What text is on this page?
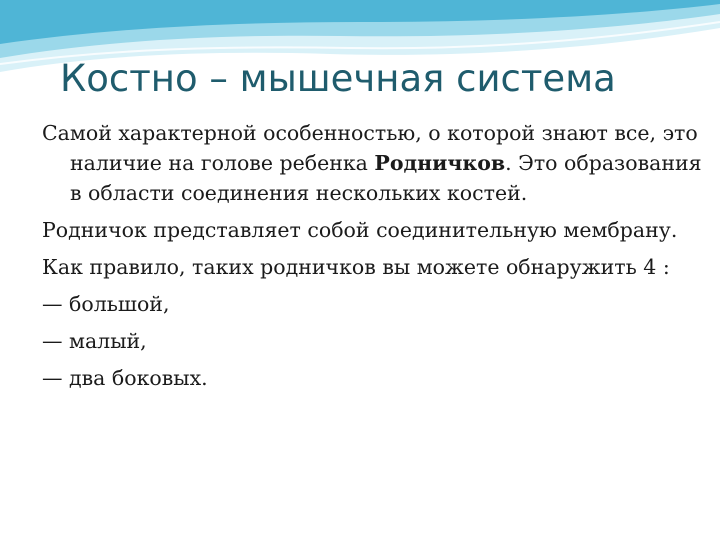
Костно – мышечная система
Самой характерной особенностью, о которой знают все, это наличие на голове ребенка Родничков. Это образования в области соединения нескольких костей.
Родничок представляет собой соединительную мембрану.
Как правило, таких родничков вы можете обнаружить 4 :
— большой,
— малый,
— два боковых.
